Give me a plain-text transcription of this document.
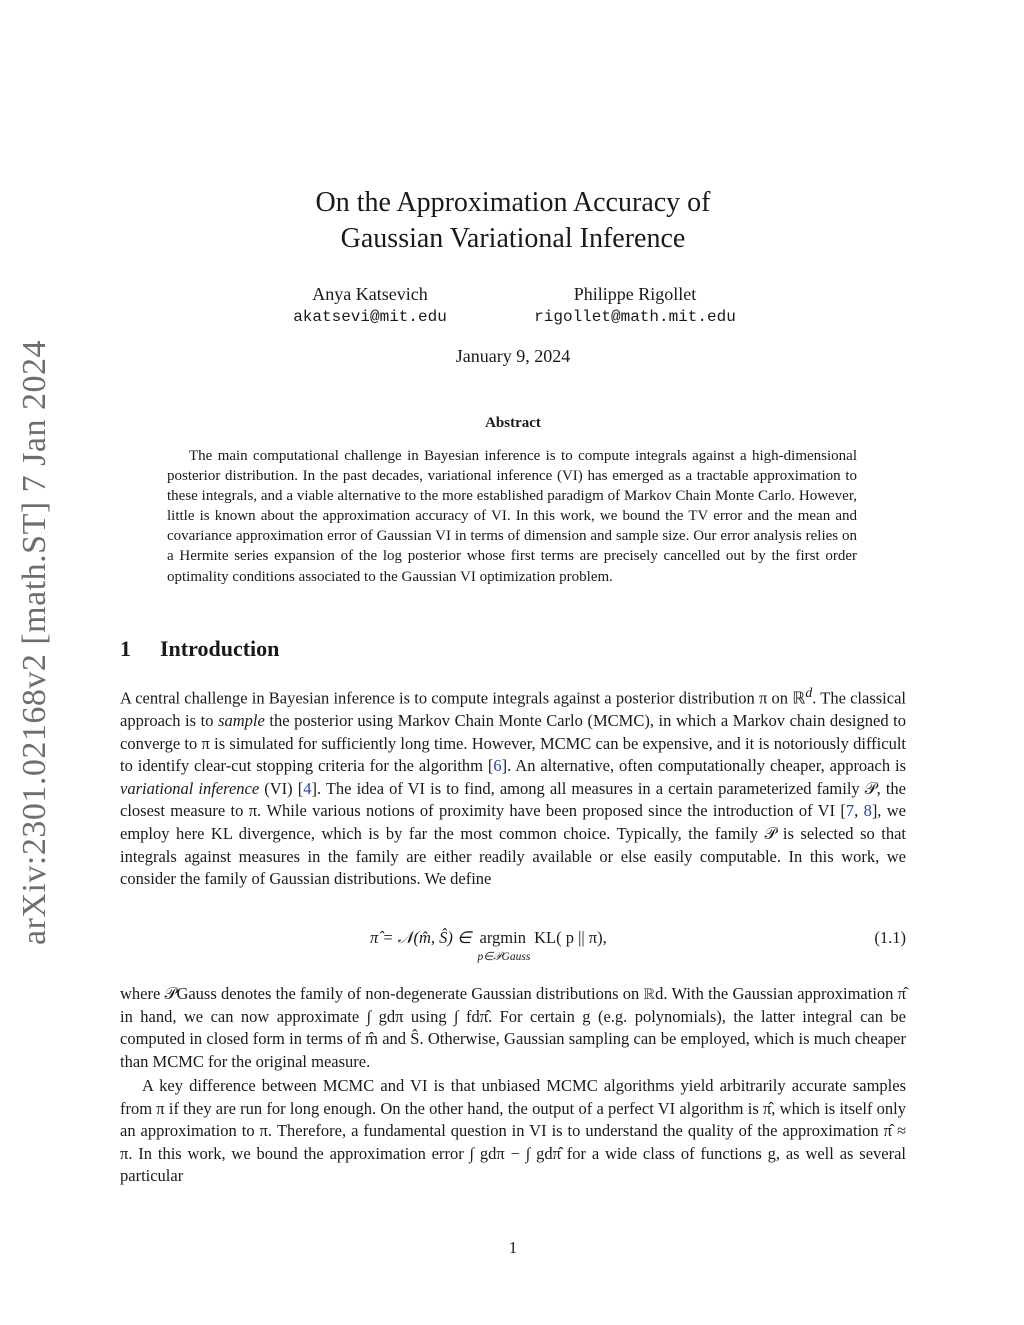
arXiv:2301.02168v2 [math.ST] 7 Jan 2024
On the Approximation Accuracy of
Gaussian Variational Inference
Anya Katsevich
akatsevi@mit.edu
Philippe Rigollet
rigollet@math.mit.edu
January 9, 2024
Abstract

The main computational challenge in Bayesian inference is to compute integrals against a high-dimensional posterior distribution. In the past decades, variational inference (VI) has emerged as a tractable approximation to these integrals, and a viable alternative to the more established paradigm of Markov Chain Monte Carlo. However, little is known about the approximation accuracy of VI. In this work, we bound the TV error and the mean and covariance approximation error of Gaussian VI in terms of dimension and sample size. Our error analysis relies on a Hermite series expansion of the log posterior whose first terms are precisely cancelled out by the first order optimality conditions associated to the Gaussian VI optimization problem.

1 Introduction

A central challenge in Bayesian inference is to compute integrals against a posterior distribution π on ℝ$^d$. The classical approach is to sample the posterior using Markov Chain Monte Carlo (MCMC), in which a Markov chain designed to converge to π is simulated for sufficiently long time. However, MCMC can be expensive, and it is notoriously difficult to identify clear-cut stopping criteria for the algorithm [6]. An alternative, often computationally cheaper, approach is variational inference (VI) [4]. The idea of VI is to find, among all measures in a certain parameterized family 𝒫, the closest measure to π. While various notions of proximity have been proposed since the introduction of VI [7, 8], we employ here KL divergence, which is by far the most common choice. Typically, the family 𝒫 is selected so that integrals against measures in the family are either readily available or else easily computable. In this work, we consider the family of Gaussian distributions. We define

π̂ = 𝒩(m̂, Ŝ) ∈ argmin
p∈𝒫Gauss
KL( p || π),	(1.1)

where 𝒫Gauss denotes the family of non-degenerate Gaussian distributions on ℝd. With the Gaussian approximation π̂ in hand, we can now approximate ∫ gdπ using ∫ fdπ̂. For certain g (e.g. polynomials), the latter integral can be computed in closed form in terms of m̂ and Ŝ. Otherwise, Gaussian sampling can be employed, which is much cheaper than MCMC for the original measure.

A key difference between MCMC and VI is that unbiased MCMC algorithms yield arbitrarily accurate samples from π if they are run for long enough. On the other hand, the output of a perfect VI algorithm is π̂, which is itself only an approximation to π. Therefore, a fundamental question in VI is to understand the quality of the approximation π̂ ≈ π. In this work, we bound the approximation error ∫ gdπ − ∫ gdπ̂ for a wide class of functions g, as well as several particular

1
